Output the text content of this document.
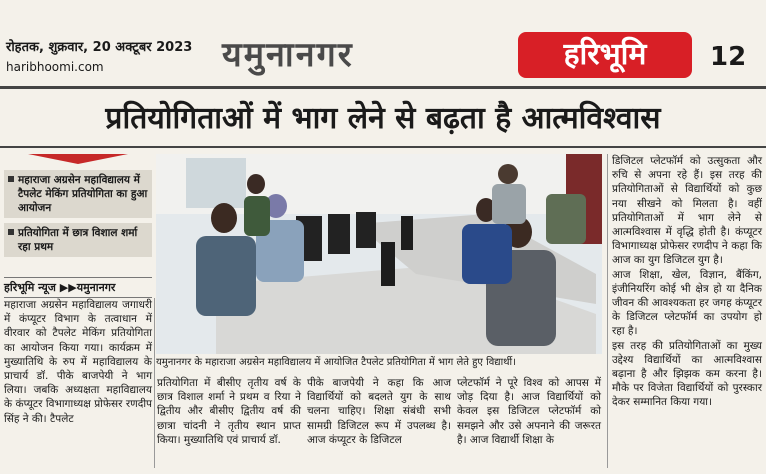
रोहतक, शुक्रवार, 20 अक्टूबर 2023
haribhoomi.com	यमुनानगर	हरिभूमि	12
प्रतियोगिताओं में भाग लेने से बढ़ता है आत्मविश्वास
महाराजा अग्रसेन महाविद्यालय में टैपलेट मेकिंग प्रतियोगिता का हुआ आयोजन
प्रतियोगिता में छात्र विशाल शर्मा रहा प्रथम
हरिभूमि न्यूज ▶▶यमुनानगर
महाराजा अग्रसेन महाविद्यालय जगाधरी में कंप्यूटर विभाग के तत्वाधान में वीरवार को टैपलेट मेकिंग प्रतियोगिता का आयोजन किया गया। कार्यक्रम में मुख्यातिथि के रुप में महाविद्यालय के प्राचार्य डॉ. पीके बाजपेयी ने भाग लिया। जबकि अध्यक्षता महाविद्यालय के कंप्यूटर विभागाध्यक्ष प्रोफेसर रणदीप सिंह ने की। टैपलेट
यमुनानगर के महाराजा अग्रसेन महाविद्यालय में आयोजित टैपलेट प्रतियोगिता में भाग लेते हुए विद्यार्थी।
प्रतियोगिता में बीसीए तृतीय वर्ष के छात्र विशाल शर्मा ने प्रथम व रिया ने द्वितीय और बीसीए द्वितीय वर्ष की छात्रा चांदनी ने तृतीय स्थान प्राप्त किया। मुख्यातिथि एवं प्राचार्य डॉ.
पीके बाजपेयी ने कहा कि आज विद्यार्थियों को बदलते युग के साथ चलना चाहिए। शिक्षा संबंधी सभी सामग्री डिजिटल रूप में उपलब्ध है। आज कंप्यूटर के डिजिटल
प्लेटफॉर्म ने पूरे विश्व को आपस में जोड़ दिया है। आज विद्यार्थियों को केवल इस डिजिटल प्लेटफॉर्म को समझने और उसे अपनाने की जरूरत है। आज विद्यार्थी शिक्षा के
डिजिटल प्लेटफॉर्म को उत्सुकता और रुचि से अपना रहे हैं। इस तरह की प्रतियोगिताओं से विद्यार्थियों को कुछ नया सीखने को मिलता है। वहीं प्रतियोगिताओं में भाग लेने से आत्मविश्वास में वृद्धि होती है। कंप्यूटर विभागाध्यक्ष प्रोफेसर रणदीप ने कहा कि आज का युग डिजिटल युग है।
आज शिक्षा, खेल, विज्ञान, बैंकिंग, इंजीनियरिंग कोई भी क्षेत्र हो या दैनिक जीवन की आवश्यकता हर जगह कंप्यूटर के डिजिटल प्लेटफॉर्म का उपयोग हो रहा है।
इस तरह की प्रतियोगिताओं का मुख्य उद्देश्य विद्यार्थियों का आत्मविश्वास बढ़ाना है और झिझक कम करना है। मौके पर विजेता विद्यार्थियों को पुरस्कार देकर सम्मानित किया गया।
